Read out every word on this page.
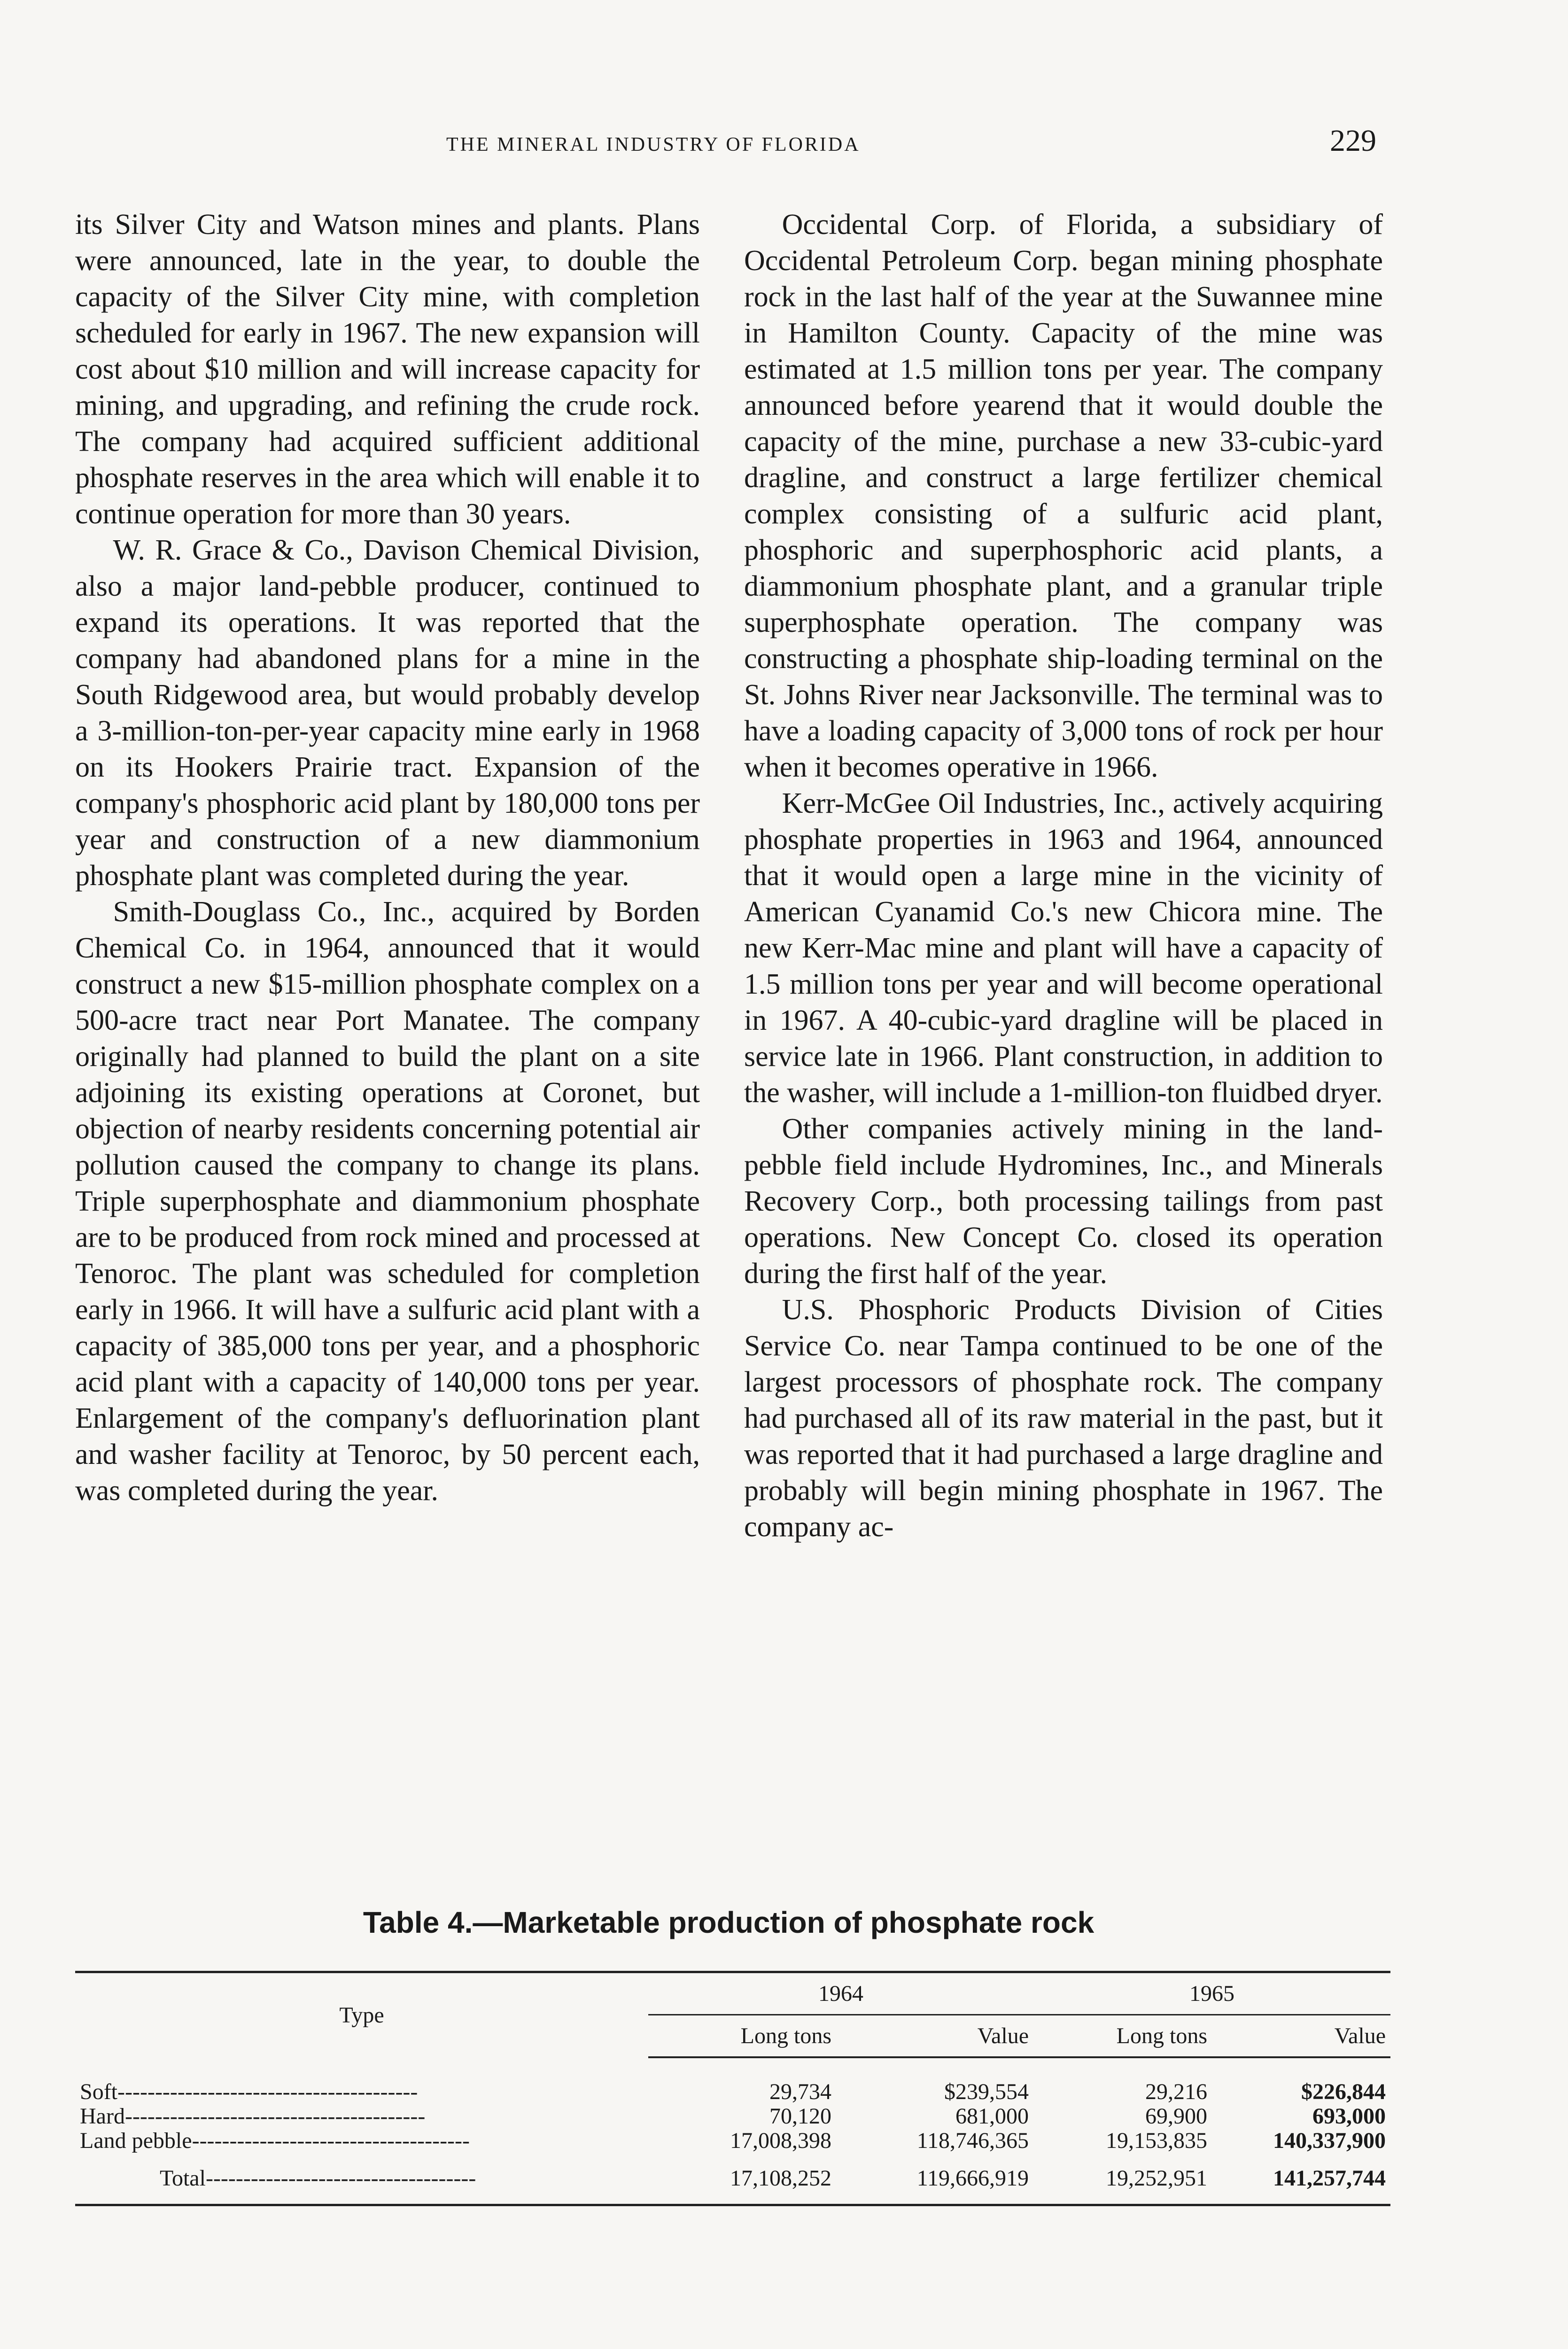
THE MINERAL INDUSTRY OF FLORIDA	229

its Silver City and Watson mines and plants. Plans were announced, late in the year, to double the capacity of the Silver City mine, with completion scheduled for early in 1967. The new expansion will cost about $10 million and will increase capacity for mining, and upgrading, and refining the crude rock. The company had acquired sufficient additional phosphate reserves in the area which will enable it to continue operation for more than 30 years.

W. R. Grace & Co., Davison Chemical Division, also a major land-pebble producer, continued to expand its operations. It was reported that the company had abandoned plans for a mine in the South Ridgewood area, but would probably develop a 3-million-ton-per-year capacity mine early in 1968 on its Hookers Prairie tract. Expansion of the company's phosphoric acid plant by 180,000 tons per year and construction of a new diammonium phosphate plant was completed during the year.

Smith-Douglass Co., Inc., acquired by Borden Chemical Co. in 1964, announced that it would construct a new $15-million phosphate complex on a 500-acre tract near Port Manatee. The company originally had planned to build the plant on a site adjoining its existing operations at Coronet, but objection of nearby residents concerning potential air pollution caused the company to change its plans. Triple superphosphate and diammonium phosphate are to be produced from rock mined and processed at Tenoroc. The plant was scheduled for completion early in 1966. It will have a sulfuric acid plant with a capacity of 385,000 tons per year, and a phosphoric acid plant with a capacity of 140,000 tons per year. Enlargement of the company's defluorination plant and washer facility at Tenoroc, by 50 percent each, was completed during the year.

Occidental Corp. of Florida, a subsidiary of Occidental Petroleum Corp. began mining phosphate rock in the last half of the year at the Suwannee mine in Hamilton County. Capacity of the mine was estimated at 1.5 million tons per year. The company announced before yearend that it would double the capacity of the mine, purchase a new 33-cubic-yard dragline, and construct a large fertilizer chemical complex consisting of a sulfuric acid plant, phosphoric and superphosphoric acid plants, a diammonium phosphate plant, and a granular triple superphosphate operation. The company was constructing a phosphate ship-loading terminal on the St. Johns River near Jacksonville. The terminal was to have a loading capacity of 3,000 tons of rock per hour when it becomes operative in 1966.

Kerr-McGee Oil Industries, Inc., actively acquiring phosphate properties in 1963 and 1964, announced that it would open a large mine in the vicinity of American Cyanamid Co.'s new Chicora mine. The new Kerr-Mac mine and plant will have a capacity of 1.5 million tons per year and will become operational in 1967. A 40-cubic-yard dragline will be placed in service late in 1966. Plant construction, in addition to the washer, will include a 1-million-ton fluidbed dryer.

Other companies actively mining in the land-pebble field include Hydromines, Inc., and Minerals Recovery Corp., both processing tailings from past operations. New Concept Co. closed its operation during the first half of the year.

U.S. Phosphoric Products Division of Cities Service Co. near Tampa continued to be one of the largest processors of phosphate rock. The company had purchased all of its raw material in the past, but it was reported that it had purchased a large dragline and probably will begin mining phosphate in 1967. The company ac-

Table 4.—Marketable production of phosphate rock
Type	1964		1965	
	Long tons	Value	Long tons	Value

Soft----------------------------------------	29,734	$239,554	29,216	$226,844
Hard----------------------------------------	70,120	681,000	69,900	693,000
Land pebble-------------------------------------	17,008,398	118,746,365	19,153,835	140,337,900
Total------------------------------------	17,108,252	119,666,919	19,252,951	141,257,744
